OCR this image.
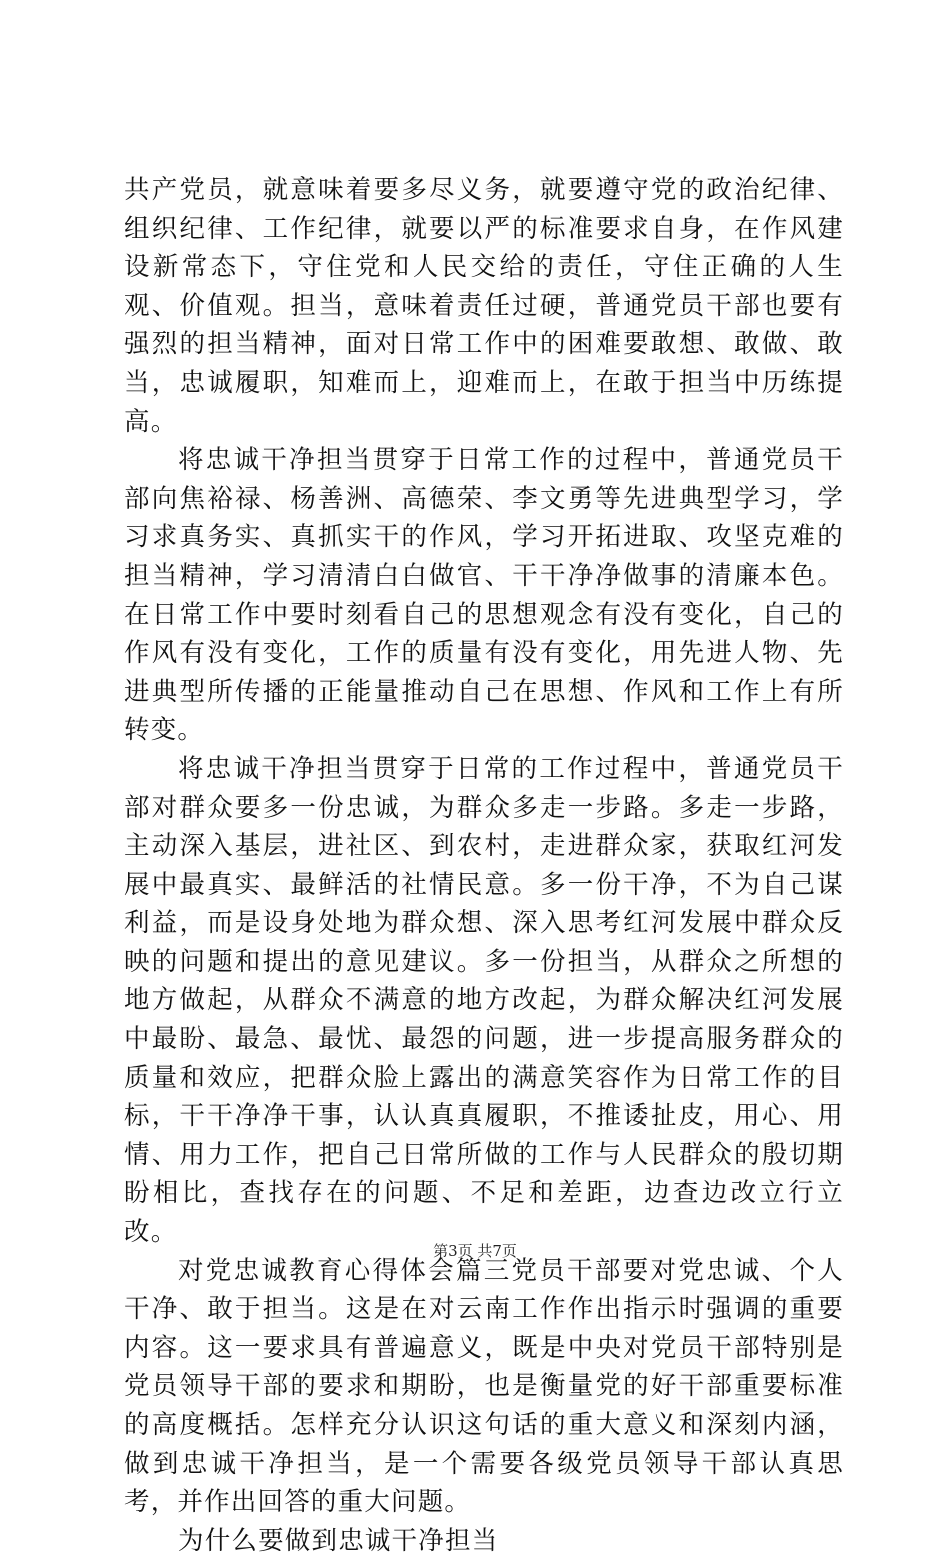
共产党员，就意味着要多尽义务，就要遵守党的政治纪律、组织纪律、工作纪律，就要以严的标准要求自身，在作风建设新常态下，守住党和人民交给的责任，守住正确的人生观、价值观。担当，意味着责任过硬，普通党员干部也要有强烈的担当精神，面对日常工作中的困难要敢想、敢做、敢当，忠诚履职，知难而上，迎难而上，在敢于担当中历练提高。

将忠诚干净担当贯穿于日常工作的过程中，普通党员干部向焦裕禄、杨善洲、高德荣、李文勇等先进典型学习，学习求真务实、真抓实干的作风，学习开拓进取、攻坚克难的担当精神，学习清清白白做官、干干净净做事的清廉本色。在日常工作中要时刻看自己的思想观念有没有变化，自己的作风有没有变化，工作的质量有没有变化，用先进人物、先进典型所传播的正能量推动自己在思想、作风和工作上有所转变。

将忠诚干净担当贯穿于日常的工作过程中，普通党员干部对群众要多一份忠诚，为群众多走一步路。多走一步路，主动深入基层，进社区、到农村，走进群众家，获取红河发展中最真实、最鲜活的社情民意。多一份干净，不为自己谋利益，而是设身处地为群众想、深入思考红河发展中群众反映的问题和提出的意见建议。多一份担当，从群众之所想的地方做起，从群众不满意的地方改起，为群众解决红河发展中最盼、最急、最忧、最怨的问题，进一步提高服务群众的质量和效应，把群众脸上露出的满意笑容作为日常工作的目标，干干净净干事，认认真真履职，不推诿扯皮，用心、用情、用力工作，把自己日常所做的工作与人民群众的殷切期盼相比，查找存在的问题、不足和差距，边查边改立行立改。

对党忠诚教育心得体会篇三党员干部要对党忠诚、个人干净、敢于担当。这是在对云南工作作出指示时强调的重要内容。这一要求具有普遍意义，既是中央对党员干部特别是党员领导干部的要求和期盼，也是衡量党的好干部重要标准的高度概括。怎样充分认识这句话的重大意义和深刻内涵，做到忠诚干净担当，是一个需要各级党员领导干部认真思考，并作出回答的重大问题。

为什么要做到忠诚干净担当

第3页 共7页
